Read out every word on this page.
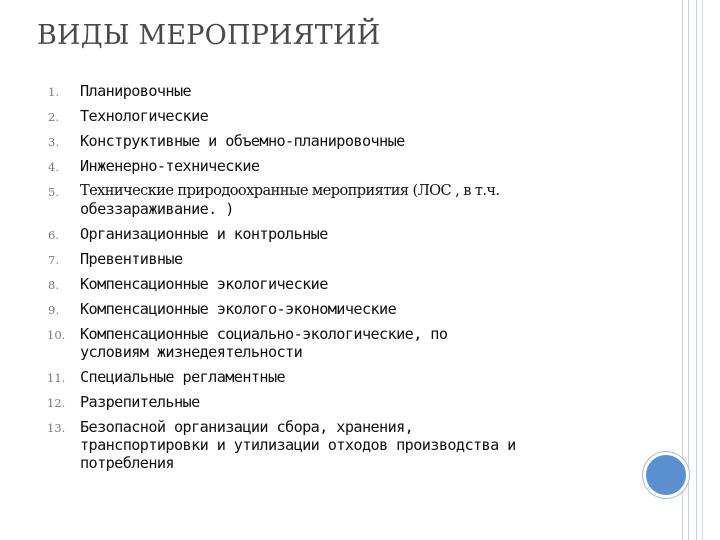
ВИДЫ МЕРОПРИЯТИЙ
1.	Планировочные
2.	Технологические
3.	Конструктивные и объемно-планировочные
4.	Инженерно-технические
5.	Технические природоохранные мероприятия (ЛОС , в т.ч.
обеззараживание. )
6.	Организационные и контрольные
7.	Превентивные
8.	Компенсационные экологические
9.	Компенсационные эколого-экономические
10. Компенсационные социально-экологические, по
условиям жизнедеятельности
11. Специальные регламентные
12. Разрепительные
13. Безопасной организации сбора, хранения,
транспортировки и утилизации отходов производства и
потребления
